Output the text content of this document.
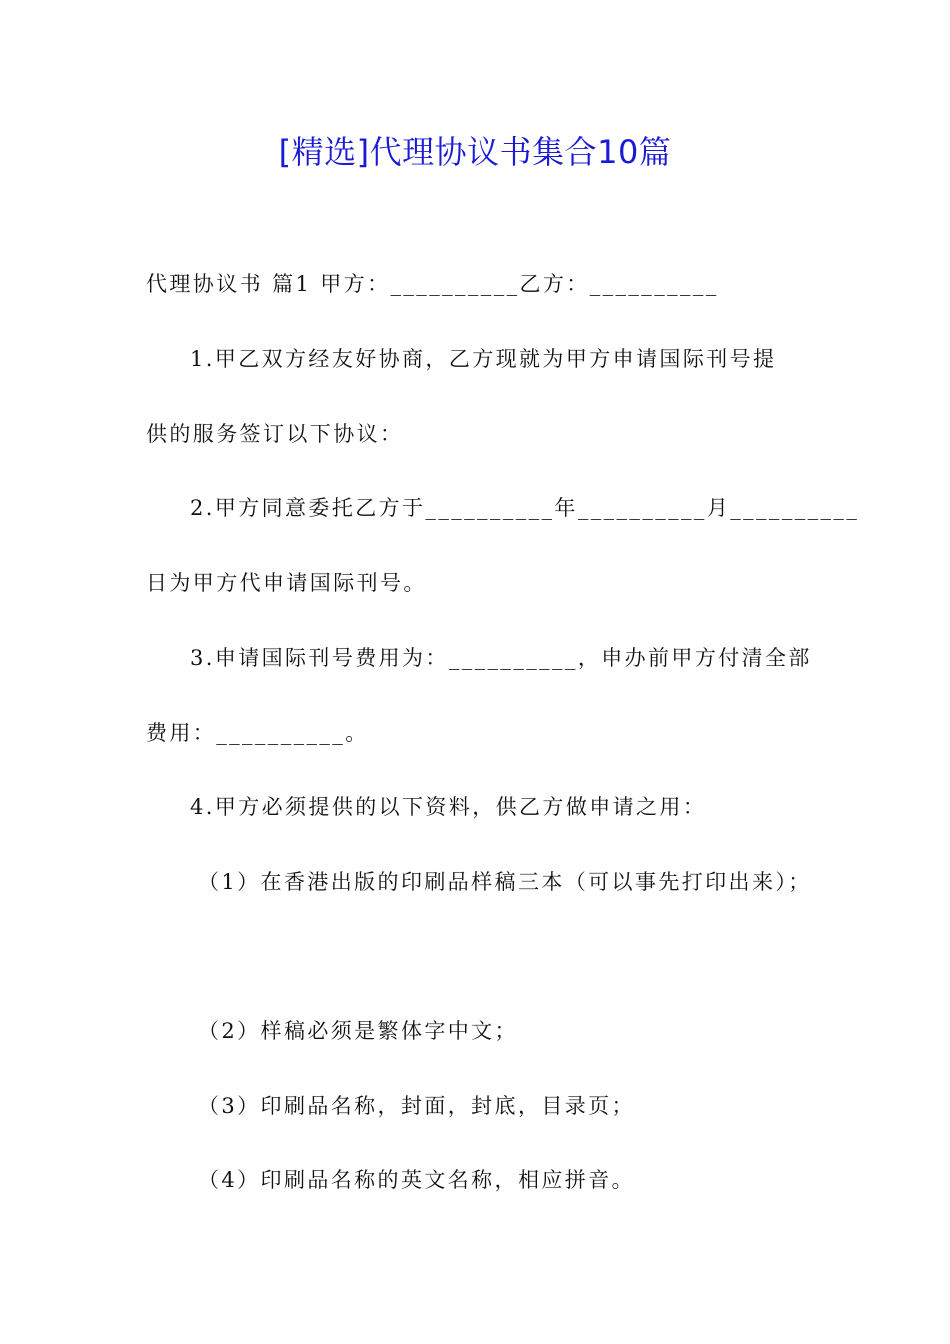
[精选]代理协议书集合10篇

代理协议书 篇1 甲方：__________乙方：__________

1.甲乙双方经友好协商，乙方现就为甲方申请国际刊号提

供的服务签订以下协议：

2.甲方同意委托乙方于__________年__________月__________

日为甲方代申请国际刊号。

3.申请国际刊号费用为：__________，申办前甲方付清全部

费用：__________。

4.甲方必须提供的以下资料，供乙方做申请之用：

（1）在香港出版的印刷品样稿三本（可以事先打印出来）；

（2）样稿必须是繁体字中文；

（3）印刷品名称，封面，封底，目录页；

（4）印刷品名称的英文名称，相应拼音。
